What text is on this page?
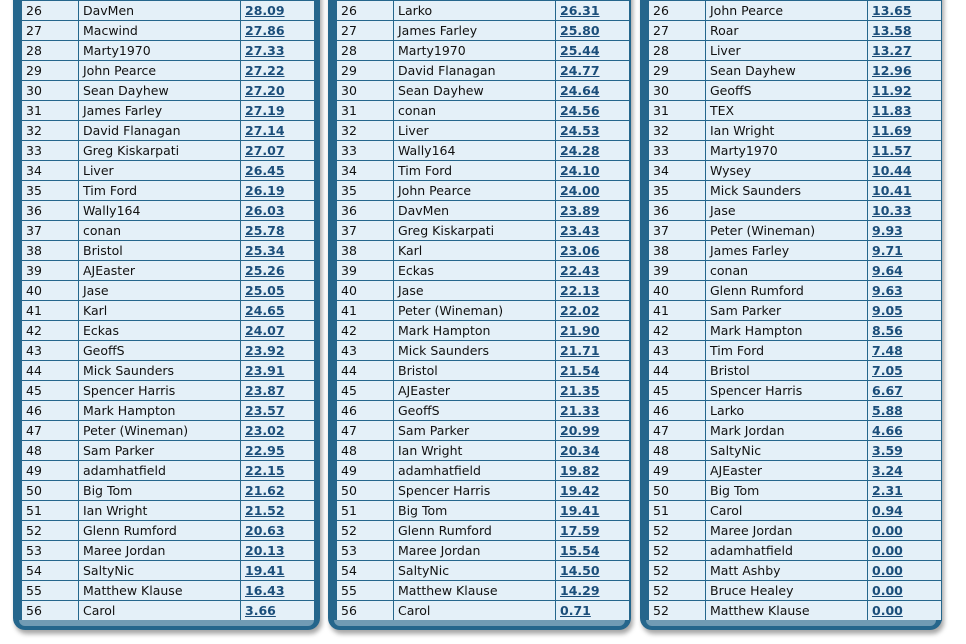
26	DavMen	28.09
27	Macwind	27.86
28	Marty1970	27.33
29	John Pearce	27.22
30	Sean Dayhew	27.20
31	James Farley	27.19
32	David Flanagan	27.14
33	Greg Kiskarpati	27.07
34	Liver	26.45
35	Tim Ford	26.19
36	Wally164	26.03
37	conan	25.78
38	Bristol	25.34
39	AJEaster	25.26
40	Jase	25.05
41	Karl	24.65
42	Eckas	24.07
43	GeoffS	23.92
44	Mick Saunders	23.91
45	Spencer Harris	23.87
46	Mark Hampton	23.57
47	Peter (Wineman)	23.02
48	Sam Parker	22.95
49	adamhatfield	22.15
50	Big Tom	21.62
51	Ian Wright	21.52
52	Glenn Rumford	20.63
53	Maree Jordan	20.13
54	SaltyNic	19.41
55	Matthew Klause	16.43
56	Carol	3.66
26	Larko	26.31
27	James Farley	25.80
28	Marty1970	25.44
29	David Flanagan	24.77
30	Sean Dayhew	24.64
31	conan	24.56
32	Liver	24.53
33	Wally164	24.28
34	Tim Ford	24.10
35	John Pearce	24.00
36	DavMen	23.89
37	Greg Kiskarpati	23.43
38	Karl	23.06
39	Eckas	22.43
40	Jase	22.13
41	Peter (Wineman)	22.02
42	Mark Hampton	21.90
43	Mick Saunders	21.71
44	Bristol	21.54
45	AJEaster	21.35
46	GeoffS	21.33
47	Sam Parker	20.99
48	Ian Wright	20.34
49	adamhatfield	19.82
50	Spencer Harris	19.42
51	Big Tom	19.41
52	Glenn Rumford	17.59
53	Maree Jordan	15.54
54	SaltyNic	14.50
55	Matthew Klause	14.29
56	Carol	0.71
26	John Pearce	13.65
27	Roar	13.58
28	Liver	13.27
29	Sean Dayhew	12.96
30	GeoffS	11.92
31	TEX	11.83
32	Ian Wright	11.69
33	Marty1970	11.57
34	Wysey	10.44
35	Mick Saunders	10.41
36	Jase	10.33
37	Peter (Wineman)	9.93
38	James Farley	9.71
39	conan	9.64
40	Glenn Rumford	9.63
41	Sam Parker	9.05
42	Mark Hampton	8.56
43	Tim Ford	7.48
44	Bristol	7.05
45	Spencer Harris	6.67
46	Larko	5.88
47	Mark Jordan	4.66
48	SaltyNic	3.59
49	AJEaster	3.24
50	Big Tom	2.31
51	Carol	0.94
52	Maree Jordan	0.00
52	adamhatfield	0.00
52	Matt Ashby	0.00
52	Bruce Healey	0.00
52	Matthew Klause	0.00
